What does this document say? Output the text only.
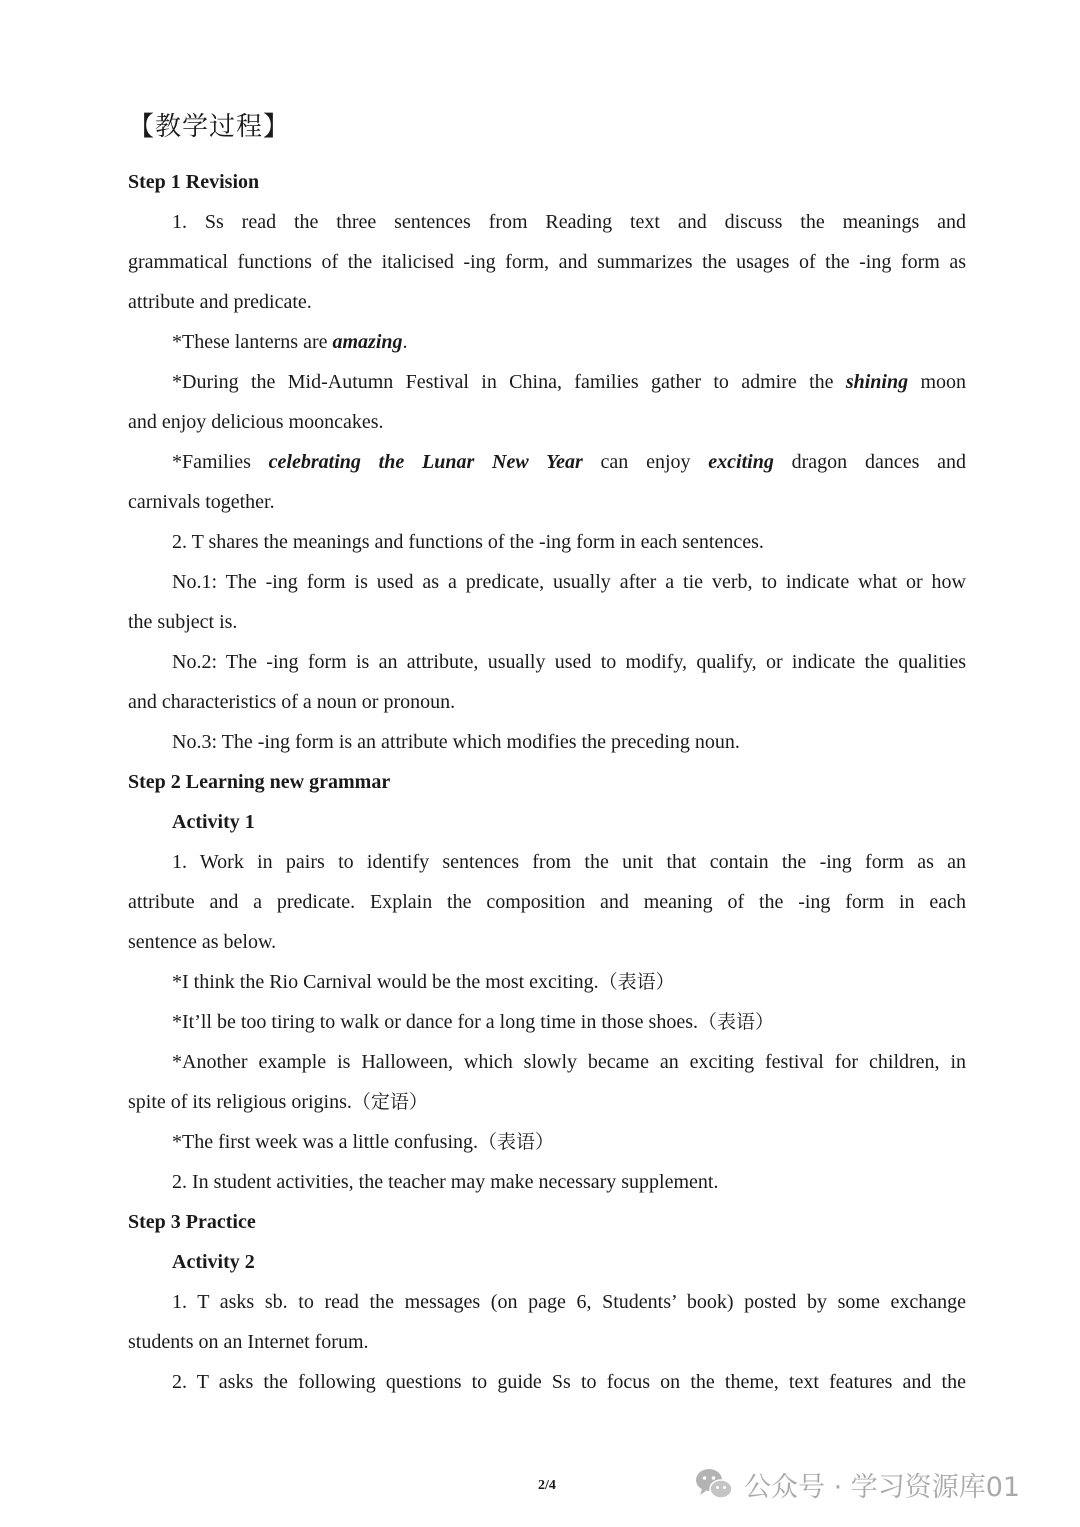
【教学过程】
Step 1 Revision
1. Ss read the three sentences from Reading text and discuss the meanings and
grammatical functions of the italicised -ing form, and summarizes the usages of the -ing form as
attribute and predicate.
*These lanterns are amazing.
*During the Mid-Autumn Festival in China, families gather to admire the shining moon
and enjoy delicious mooncakes.
*Families celebrating the Lunar New Year can enjoy exciting dragon dances and
carnivals together.
2. T shares the meanings and functions of the -ing form in each sentences.
No.1: The -ing form is used as a predicate, usually after a tie verb, to indicate what or how
the subject is.
No.2: The -ing form is an attribute, usually used to modify, qualify, or indicate the qualities
and characteristics of a noun or pronoun.
No.3: The -ing form is an attribute which modifies the preceding noun.
Step 2 Learning new grammar
Activity 1
1. Work in pairs to identify sentences from the unit that contain the -ing form as an
attribute and a predicate. Explain the composition and meaning of the -ing form in each
sentence as below.
*I think the Rio Carnival would be the most exciting.（表语）
*It’ll be too tiring to walk or dance for a long time in those shoes.（表语）
*Another example is Halloween, which slowly became an exciting festival for children, in
spite of its religious origins.（定语）
*The first week was a little confusing.（表语）
2. In student activities, the teacher may make necessary supplement.
Step 3 Practice
Activity 2
1. T asks sb. to read the messages (on page 6, Students’ book) posted by some exchange
students on an Internet forum.
2. T asks the following questions to guide Ss to focus on the theme, text features and the
2/4	公众号 · 学习资源库01
